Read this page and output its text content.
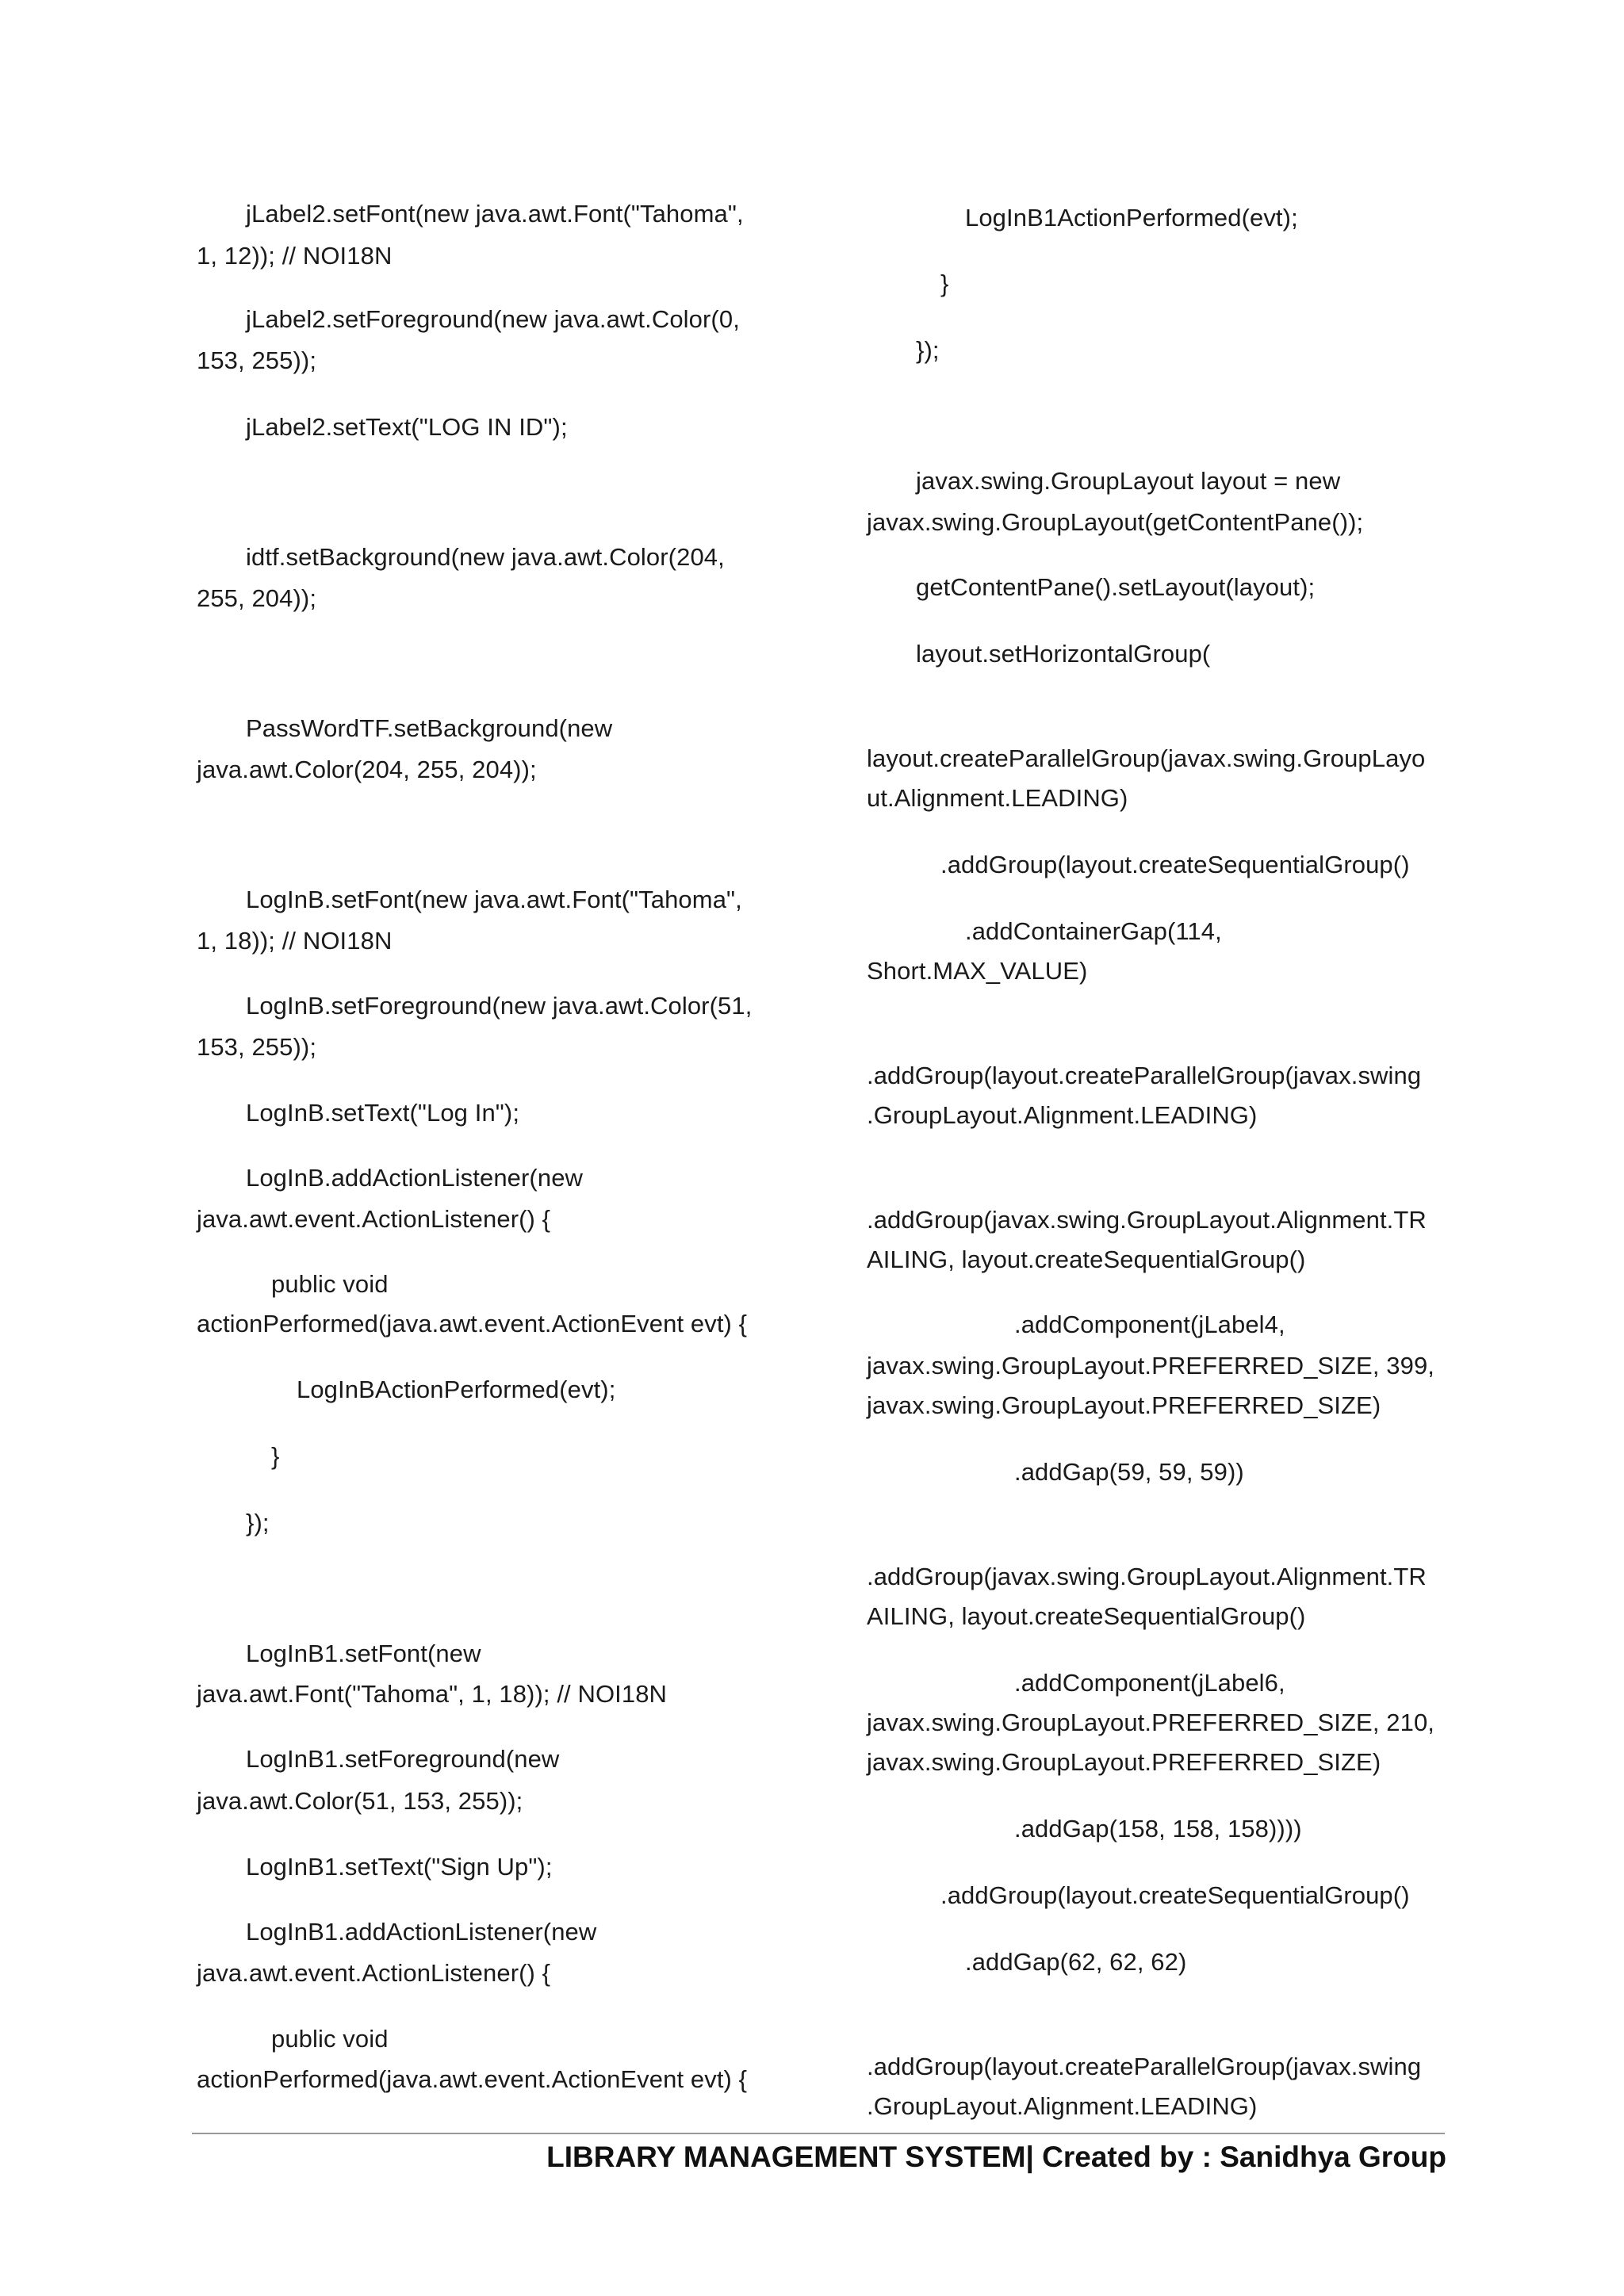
jLabel2.setFont(new java.awt.Font("Tahoma",
1, 12)); // NOI18N
jLabel2.setForeground(new java.awt.Color(0,
153, 255));
jLabel2.setText("LOG IN ID");
idtf.setBackground(new java.awt.Color(204,
255, 204));
PassWordTF.setBackground(new
java.awt.Color(204, 255, 204));
LogInB.setFont(new java.awt.Font("Tahoma",
1, 18)); // NOI18N
LogInB.setForeground(new java.awt.Color(51,
153, 255));
LogInB.setText("Log In");
LogInB.addActionListener(new
java.awt.event.ActionListener() {
public void
actionPerformed(java.awt.event.ActionEvent evt) {
LogInBActionPerformed(evt);
}
});
LogInB1.setFont(new
java.awt.Font("Tahoma", 1, 18)); // NOI18N
LogInB1.setForeground(new
java.awt.Color(51, 153, 255));
LogInB1.setText("Sign Up");
LogInB1.addActionListener(new
java.awt.event.ActionListener() {
public void
actionPerformed(java.awt.event.ActionEvent evt) {
LogInB1ActionPerformed(evt);
}
});
javax.swing.GroupLayout layout = new
javax.swing.GroupLayout(getContentPane());
getContentPane().setLayout(layout);
layout.setHorizontalGroup(
layout.createParallelGroup(javax.swing.GroupLayo
ut.Alignment.LEADING)
.addGroup(layout.createSequentialGroup()
.addContainerGap(114,
Short.MAX_VALUE)
.addGroup(layout.createParallelGroup(javax.swing
.GroupLayout.Alignment.LEADING)
.addGroup(javax.swing.GroupLayout.Alignment.TR
AILING, layout.createSequentialGroup()
.addComponent(jLabel4,
javax.swing.GroupLayout.PREFERRED_SIZE, 399,
javax.swing.GroupLayout.PREFERRED_SIZE)
.addGap(59, 59, 59))
.addGroup(javax.swing.GroupLayout.Alignment.TR
AILING, layout.createSequentialGroup()
.addComponent(jLabel6,
javax.swing.GroupLayout.PREFERRED_SIZE, 210,
javax.swing.GroupLayout.PREFERRED_SIZE)
.addGap(158, 158, 158))))
.addGroup(layout.createSequentialGroup()
.addGap(62, 62, 62)
.addGroup(layout.createParallelGroup(javax.swing
.GroupLayout.Alignment.LEADING)
LIBRARY MANAGEMENT SYSTEM| Created by : Sanidhya Group
